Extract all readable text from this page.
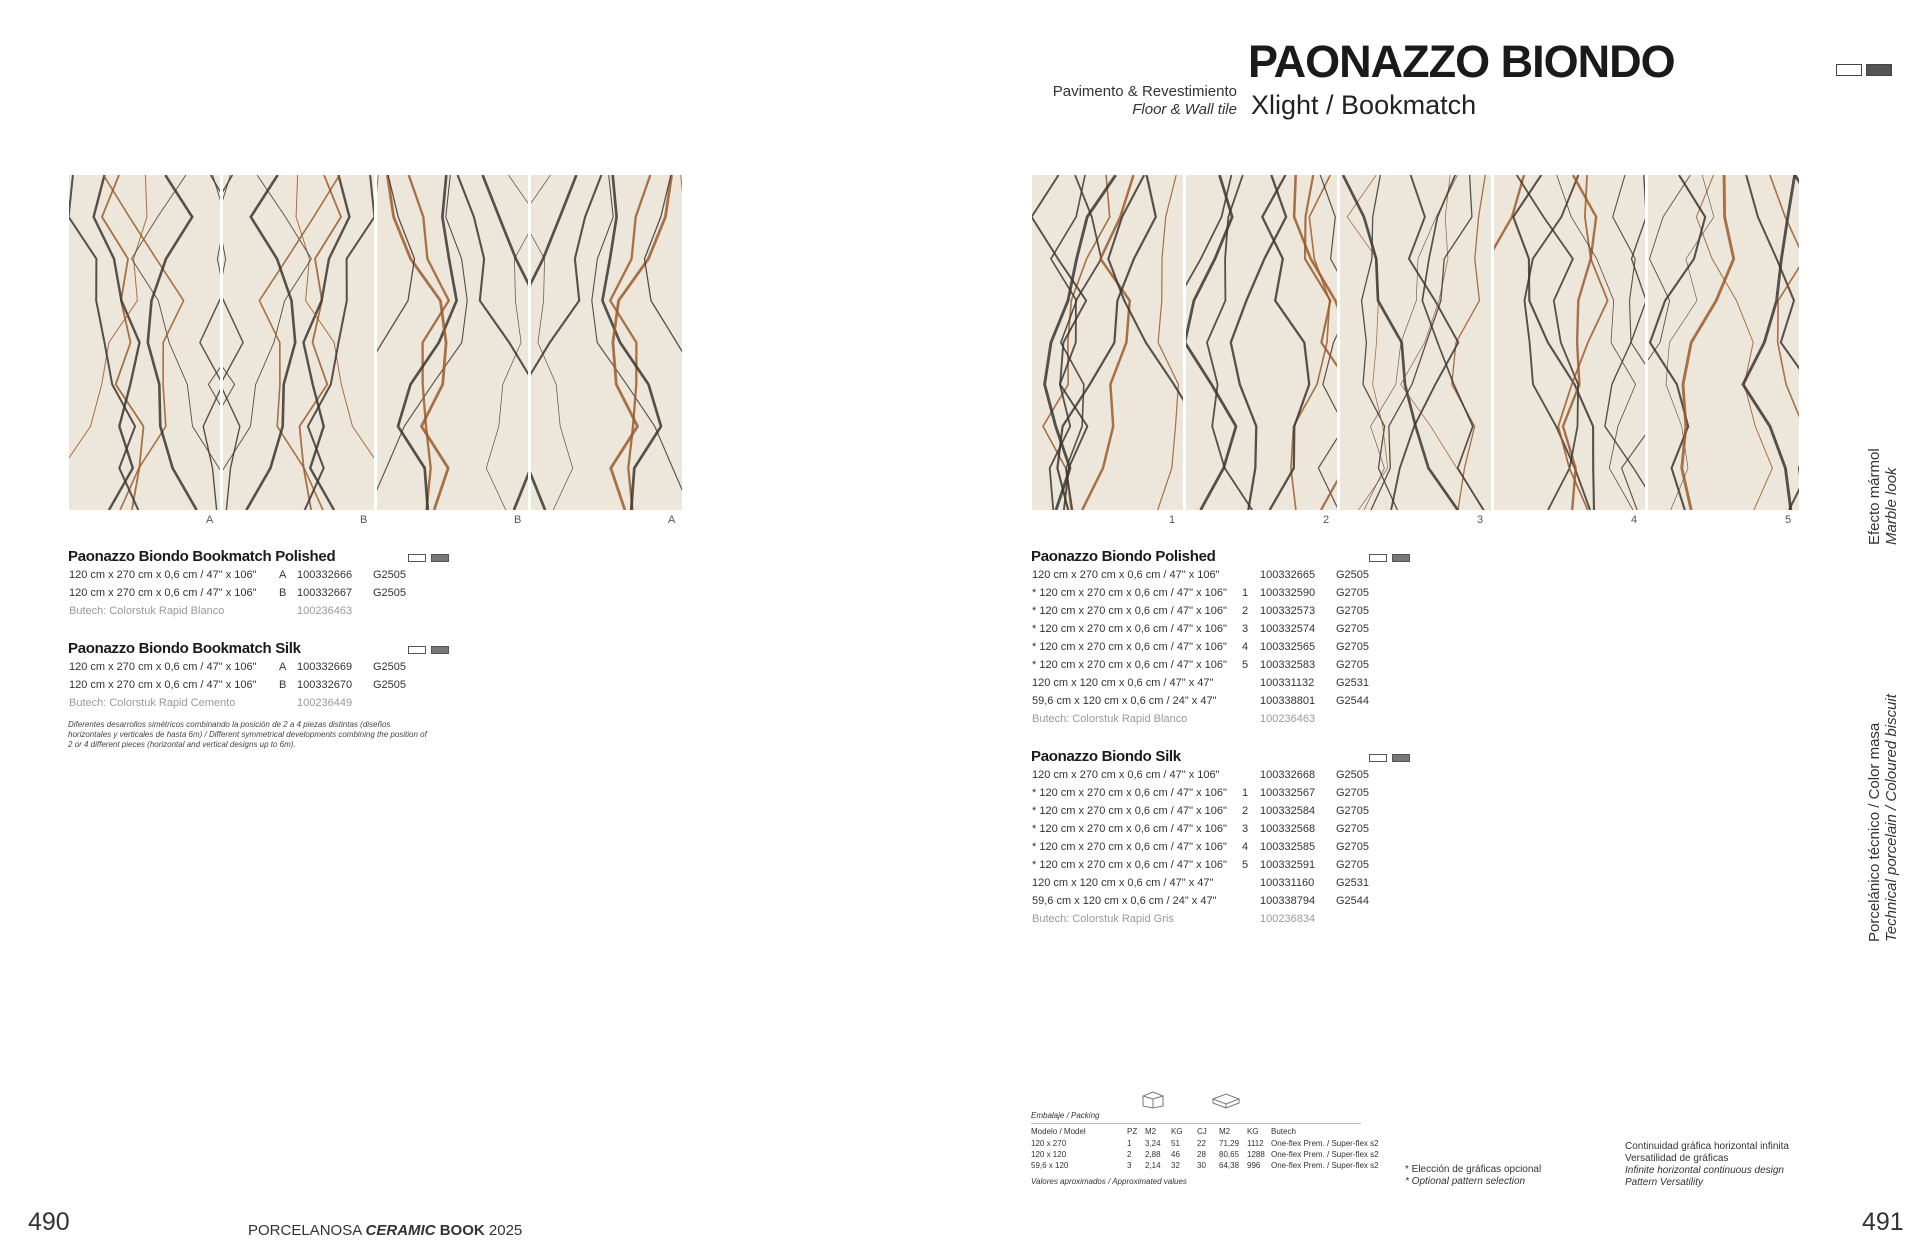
Pavimento & Revestimiento
Floor & Wall tile
PAONAZZO BIONDO
Xlight / Bookmatch
A	B	B	A	1	2	3	4	5
Paonazzo Biondo Bookmatch Polished
120 cm x 270 cm x 0,6 cm / 47" x 106" A 100332666 G2505
120 cm x 270 cm x 0,6 cm / 47" x 106" B 100332667 G2505
Butech: Colorstuk Rapid Blanco	100236463
Paonazzo Biondo Bookmatch Silk
120 cm x 270 cm x 0,6 cm / 47" x 106" A 100332669 G2505
120 cm x 270 cm x 0,6 cm / 47" x 106" B 100332670 G2505
Butech: Colorstuk Rapid Cemento	100236449
Diferentes desarrollos simétricos combinando la posición de 2 a 4 piezas distintas (diseños horizontales y verticales de hasta 6m) / Different symmetrical developments combining the position of 2 or 4 different pieces (horizontal and vertical designs up to 6m).
Paonazzo Biondo Polished
120 cm x 270 cm x 0,6 cm / 47" x 106"	100332665 G2505
* 120 cm x 270 cm x 0,6 cm / 47" x 106" 1 100332590 G2705
* 120 cm x 270 cm x 0,6 cm / 47" x 106" 2 100332573 G2705
* 120 cm x 270 cm x 0,6 cm / 47" x 106" 3 100332574 G2705
* 120 cm x 270 cm x 0,6 cm / 47" x 106" 4 100332565 G2705
* 120 cm x 270 cm x 0,6 cm / 47" x 106" 5 100332583 G2705
120 cm x 120 cm x 0,6 cm / 47" x 47"	100331132 G2531
59,6 cm x 120 cm x 0,6 cm / 24" x 47"	100338801 G2544
Butech: Colorstuk Rapid Blanco	100236463
Paonazzo Biondo Silk
120 cm x 270 cm x 0,6 cm / 47" x 106"	100332668 G2505
* 120 cm x 270 cm x 0,6 cm / 47" x 106" 1 100332567 G2705
* 120 cm x 270 cm x 0,6 cm / 47" x 106" 2 100332584 G2705
* 120 cm x 270 cm x 0,6 cm / 47" x 106" 3 100332568 G2705
* 120 cm x 270 cm x 0,6 cm / 47" x 106" 4 100332585 G2705
* 120 cm x 270 cm x 0,6 cm / 47" x 106" 5 100332591 G2705
120 cm x 120 cm x 0,6 cm / 47" x 47"	100331160 G2531
59,6 cm x 120 cm x 0,6 cm / 24" x 47"	100338794 G2544
Butech: Colorstuk Rapid Gris	100236834
Embalaje / Packing
Modelo / Model	PZ M2 KG CJ M2 KG Butech
120 x 270	1 3,24 51 22 71,29 1112 One-flex Prem. / Super-flex s2
120 x 120	2 2,88 46 28 80,65 1288 One-flex Prem. / Super-flex s2
59,6 x 120	3 2,14 32 30 64,38 996 One-flex Prem. / Super-flex s2
Valores aproximados / Approximated values
* Elección de gráficas opcional
* Optional pattern selection
Continuidad gráfica horizontal infinita
Versatilidad de gráficas
Infinite horizontal continuous design
Pattern Versatility
Efecto mármol Marble look
Porcelánico técnico / Color masa Technical porcelain / Coloured biscuit
490	491
PORCELANOSA CERAMIC BOOK 2025
